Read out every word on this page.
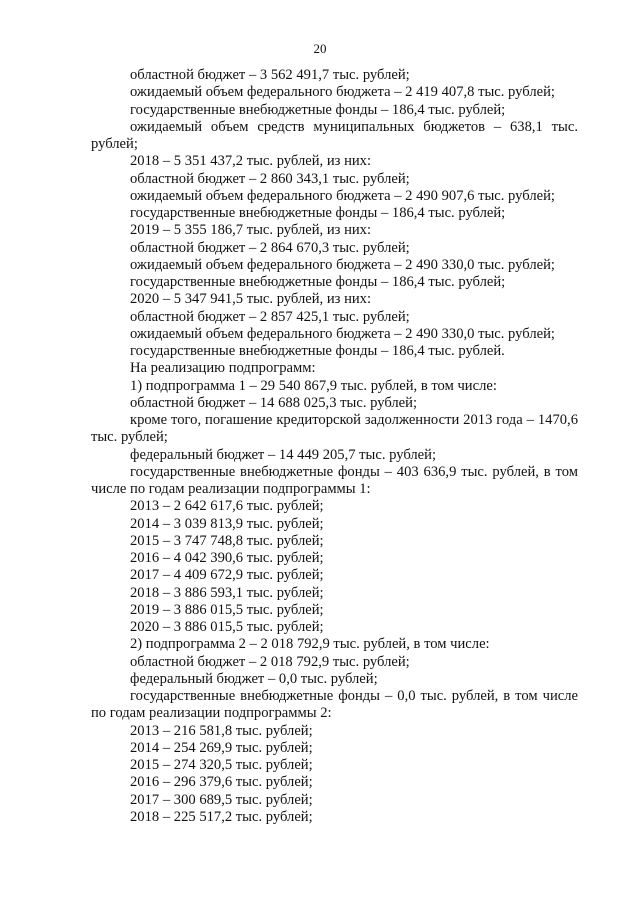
20

областной бюджет – 3 562 491,7 тыс. рублей;

ожидаемый объем федерального бюджета – 2 419 407,8 тыс. рублей;

государственные внебюджетные фонды – 186,4 тыс. рублей;

ожидаемый объем средств муниципальных бюджетов – 638,1 тыс. рублей;

2018 – 5 351 437,2 тыс. рублей, из них:

областной бюджет – 2 860 343,1 тыс. рублей;

ожидаемый объем федерального бюджета – 2 490 907,6 тыс. рублей;

государственные внебюджетные фонды – 186,4 тыс. рублей;

2019 – 5 355 186,7 тыс. рублей, из них:

областной бюджет – 2 864 670,3 тыс. рублей;

ожидаемый объем федерального бюджета – 2 490 330,0 тыс. рублей;

государственные внебюджетные фонды – 186,4 тыс. рублей;

2020 – 5 347 941,5 тыс. рублей, из них:

областной бюджет – 2 857 425,1 тыс. рублей;

ожидаемый объем федерального бюджета – 2 490 330,0 тыс. рублей;

государственные внебюджетные фонды – 186,4 тыс. рублей.

На реализацию подпрограмм:

1) подпрограмма 1 – 29 540 867,9 тыс. рублей, в том числе:

областной бюджет – 14 688 025,3 тыс. рублей;

кроме того, погашение кредиторской задолженности 2013 года – 1470,6 тыс. рублей;

федеральный бюджет – 14 449 205,7 тыс. рублей;

государственные внебюджетные фонды – 403 636,9 тыс. рублей, в том числе по годам реализации подпрограммы 1:

2013 – 2 642 617,6 тыс. рублей;

2014 – 3 039 813,9 тыс. рублей;

2015 – 3 747 748,8 тыс. рублей;

2016 – 4 042 390,6 тыс. рублей;

2017 – 4 409 672,9 тыс. рублей;

2018 – 3 886 593,1 тыс. рублей;

2019 – 3 886 015,5 тыс. рублей;

2020 – 3 886 015,5 тыс. рублей;

2) подпрограмма 2 – 2 018 792,9 тыс. рублей, в том числе:

областной бюджет – 2 018 792,9 тыс. рублей;

федеральный бюджет – 0,0 тыс. рублей;

государственные внебюджетные фонды – 0,0 тыс. рублей, в том числе по годам реализации подпрограммы 2:

2013 – 216 581,8 тыс. рублей;

2014 – 254 269,9 тыс. рублей;

2015 – 274 320,5 тыс. рублей;

2016 – 296 379,6 тыс. рублей;

2017 – 300 689,5 тыс. рублей;

2018 – 225 517,2 тыс. рублей;
